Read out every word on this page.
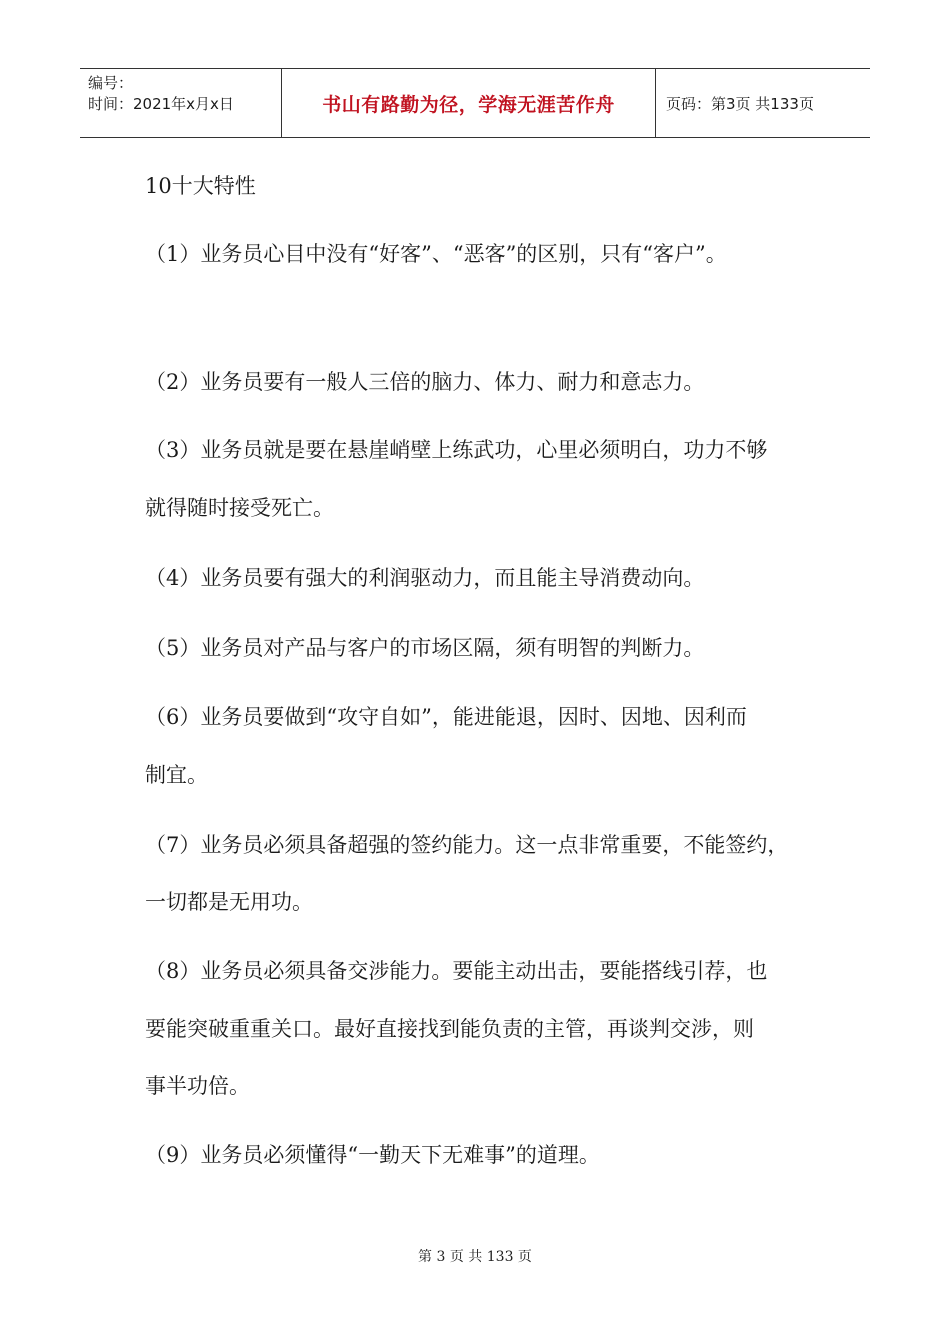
编号：
时间：2021年x月x日	书山有路勤为径，学海无涯苦作舟	页码：第3页 共133页

10十大特性

（1）业务员心目中没有“好客”、“恶客”的区别，只有“客户”。

（2）业务员要有一般人三倍的脑力、体力、耐力和意志力。

（3）业务员就是要在悬崖峭壁上练武功，心里必须明白，功力不够

就得随时接受死亡。

（4）业务员要有强大的利润驱动力，而且能主导消费动向。

（5）业务员对产品与客户的市场区隔，须有明智的判断力。

（6）业务员要做到“攻守自如”，能进能退，因时、因地、因利而

制宜。

（7）业务员必须具备超强的签约能力。这一点非常重要，不能签约，

一切都是无用功。

（8）业务员必须具备交涉能力。要能主动出击，要能搭线引荐，也

要能突破重重关口。最好直接找到能负责的主管，再谈判交涉，则

事半功倍。

（9）业务员必须懂得“一勤天下无难事”的道理。

第 3 页 共 133 页
